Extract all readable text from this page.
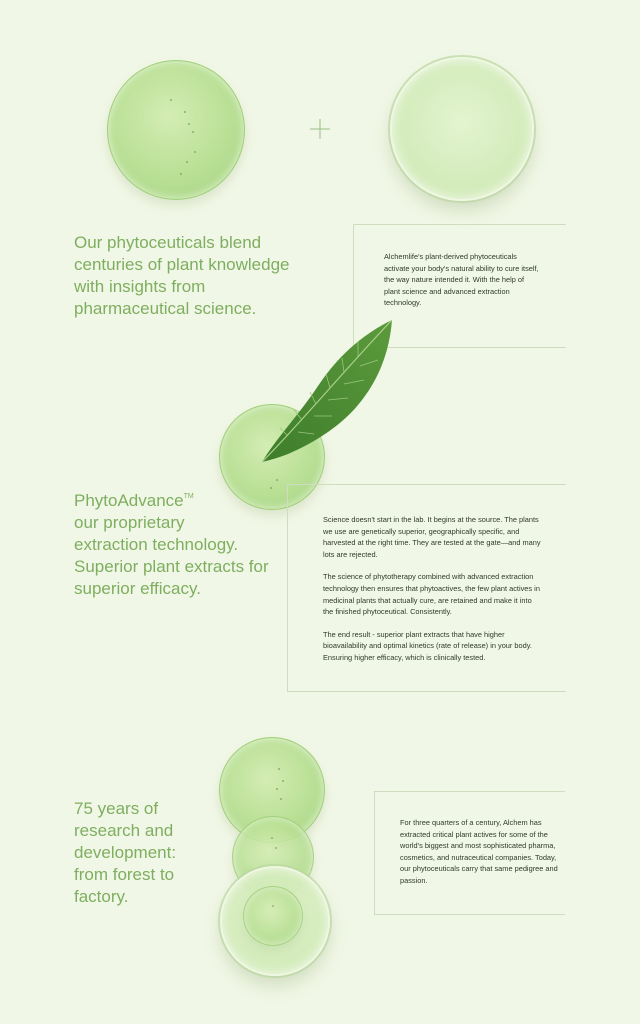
Our phytoceuticals blend

centuries of plant knowledge

with insights from

pharmaceutical science.

Alchemlife's plant-derived phytoceuticals

activate your body's natural ability to cure itself,

the way nature intended it. With the help of

plant science and advanced extraction

technology.

PhytoAdvance™

our proprietary

extraction technology.

Superior plant extracts for

superior efficacy.

Science doesn't start in the lab. It begins at the source. The plants

we use are genetically superior, geographically specific, and

harvested at the right time. They are tested at the gate—and many

lots are rejected.

The science of phytotherapy combined with advanced extraction

technology then ensures that phytoactives, the few plant actives in

medicinal plants that actually cure, are retained and make it into

the finished phytoceutical. Consistently.

The end result - superior plant extracts that have higher

bioavailability and optimal kinetics (rate of release) in your body.

Ensuring higher efficacy, which is clinically tested.

75 years of

research and

development:

from forest to

factory.

For three quarters of a century, Alchem has

extracted critical plant actives for some of the

world's biggest and most sophisticated pharma,

cosmetics, and nutraceutical companies. Today,

our phytoceuticals carry that same pedigree and

passion.
